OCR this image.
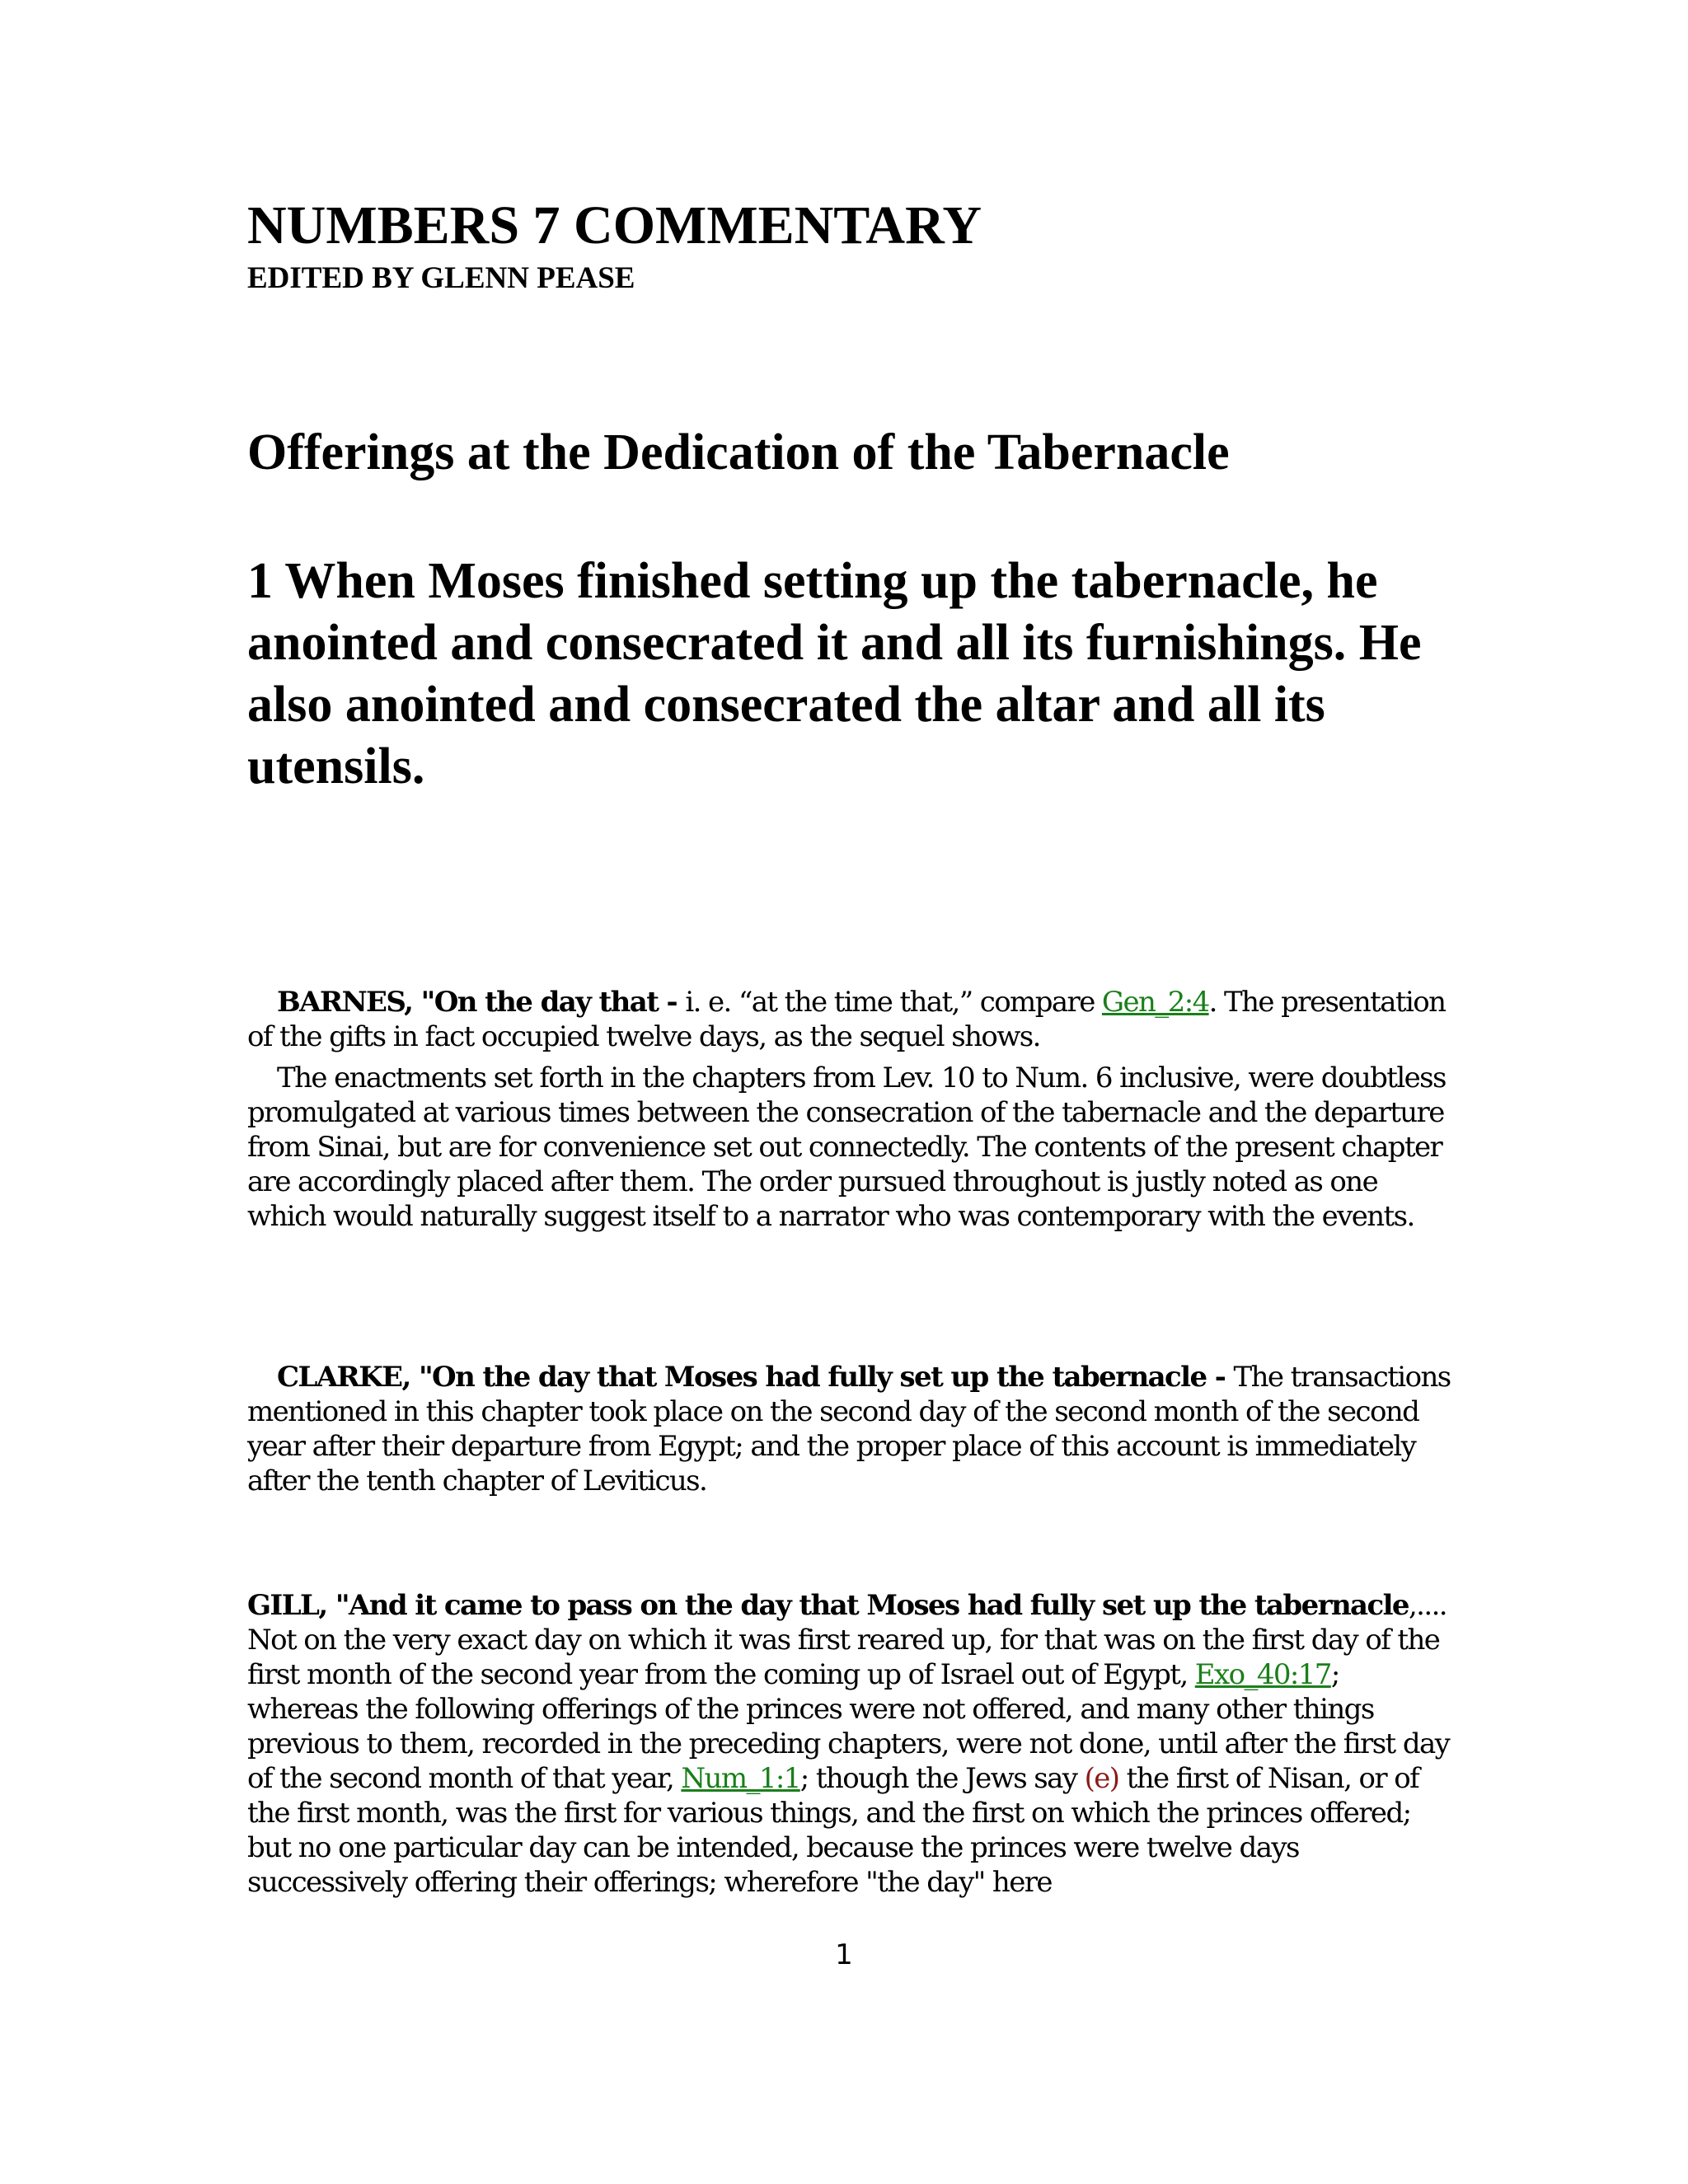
NUMBERS 7 COMMENTARY
EDITED BY GLENN PEASE
Offerings at the Dedication of the Tabernacle
1 When Moses finished setting up the tabernacle, he anointed and consecrated it and all its furnishings. He also anointed and consecrated the altar and all its utensils.

BARNES, "On the day that - i. e. “at the time that,” compare Gen_2:4. The presentation of the gifts in fact occupied twelve days, as the sequel shows.

The enactments set forth in the chapters from Lev. 10 to Num. 6 inclusive, were doubtless promulgated at various times between the consecration of the tabernacle and the departure from Sinai, but are for convenience set out connectedly. The contents of the present chapter are accordingly placed after them. The order pursued throughout is justly noted as one which would naturally suggest itself to a narrator who was contemporary with the events.

CLARKE, "On the day that Moses had fully set up the tabernacle - The transactions mentioned in this chapter took place on the second day of the second month of the second year after their departure from Egypt; and the proper place of this account is immediately after the tenth chapter of Leviticus.

GILL, "And it came to pass on the day that Moses had fully set up the tabernacle,.... Not on the very exact day on which it was first reared up, for that was on the first day of the first month of the second year from the coming up of Israel out of Egypt, Exo_40:17; whereas the following offerings of the princes were not offered, and many other things previous to them, recorded in the preceding chapters, were not done, until after the first day of the second month of that year, Num_1:1; though the Jews say (e) the first of Nisan, or of the first month, was the first for various things, and the first on which the princes offered; but no one particular day can be intended, because the princes were twelve days successively offering their offerings; wherefore "the day" here

1
